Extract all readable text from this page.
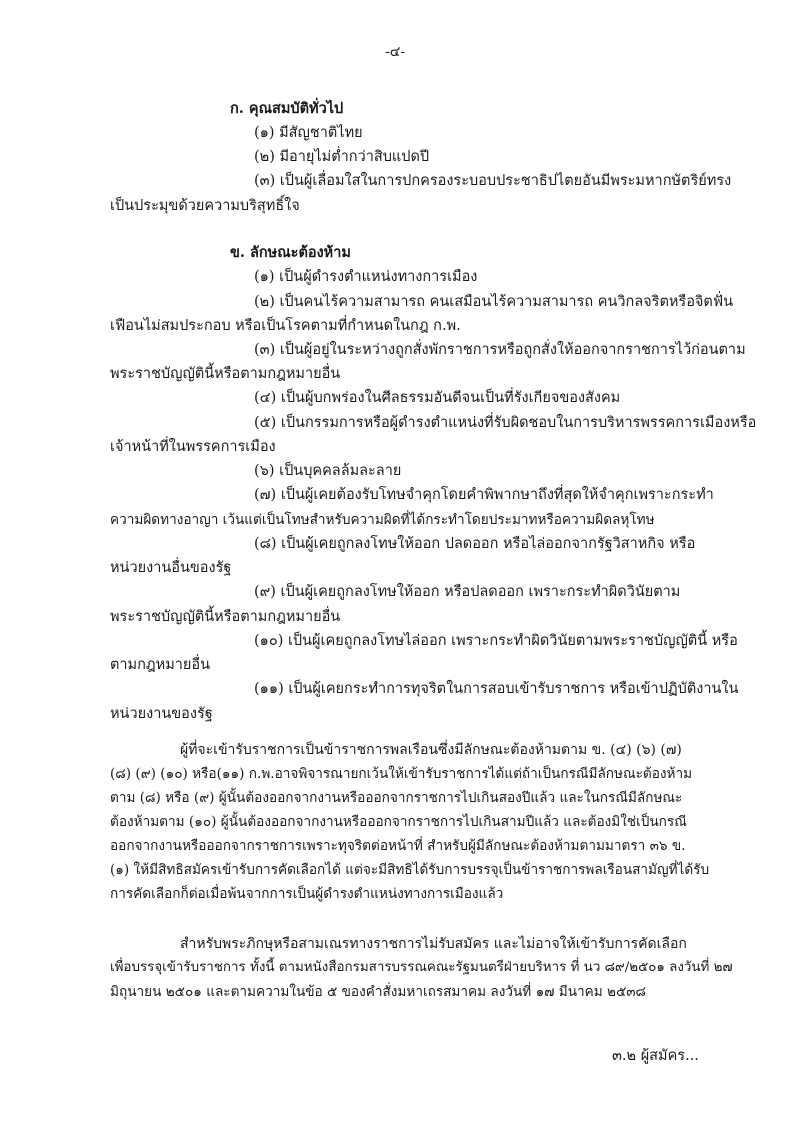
-๔-
ก. คุณสมบัติทั่วไป
(๑) มีสัญชาติไทย
(๒) มีอายุไม่ต่ำกว่าสิบแปดปี
(๓) เป็นผู้เลื่อมใสในการปกครองระบอบประชาธิปไตยอันมีพระมหากษัตริย์ทรง
เป็นประมุขด้วยความบริสุทธิ์ใจ
ข. ลักษณะต้องห้าม
(๑) เป็นผู้ดำรงตำแหน่งทางการเมือง
(๒) เป็นคนไร้ความสามารถ คนเสมือนไร้ความสามารถ คนวิกลจริตหรือจิตฟั่น
เฟือนไม่สมประกอบ หรือเป็นโรคตามที่กำหนดในกฎ ก.พ.
(๓) เป็นผู้อยู่ในระหว่างถูกสั่งพักราชการหรือถูกสั่งให้ออกจากราชการไว้ก่อนตาม
พระราชบัญญัตินี้หรือตามกฎหมายอื่น
(๔) เป็นผู้บกพร่องในศีลธรรมอันดีจนเป็นที่รังเกียจของสังคม
(๕) เป็นกรรมการหรือผู้ดำรงตำแหน่งที่รับผิดชอบในการบริหารพรรคการเมืองหรือ
เจ้าหน้าที่ในพรรคการเมือง
(๖) เป็นบุคคลล้มละลาย
(๗) เป็นผู้เคยต้องรับโทษจำคุกโดยคำพิพากษาถึงที่สุดให้จำคุกเพราะกระทำ
ความผิดทางอาญา เว้นแต่เป็นโทษสำหรับความผิดที่ได้กระทำโดยประมาทหรือความผิดลหุโทษ
(๘) เป็นผู้เคยถูกลงโทษให้ออก ปลดออก หรือไล่ออกจากรัฐวิสาหกิจ หรือ
หน่วยงานอื่นของรัฐ
(๙) เป็นผู้เคยถูกลงโทษให้ออก หรือปลดออก เพราะกระทำผิดวินัยตาม
พระราชบัญญัตินี้หรือตามกฎหมายอื่น
(๑๐) เป็นผู้เคยถูกลงโทษไล่ออก เพราะกระทำผิดวินัยตามพระราชบัญญัตินี้ หรือ
ตามกฎหมายอื่น
(๑๑) เป็นผู้เคยกระทำการทุจริตในการสอบเข้ารับราชการ หรือเข้าปฏิบัติงานใน
หน่วยงานของรัฐ
ผู้ที่จะเข้ารับราชการเป็นข้าราชการพลเรือนซึ่งมีลักษณะต้องห้ามตาม ข. (๔) (๖) (๗)
(๘) (๙) (๑๐) หรือ(๑๑) ก.พ.อาจพิจารณายกเว้นให้เข้ารับราชการได้แต่ถ้าเป็นกรณีมีลักษณะต้องห้าม
ตาม (๘) หรือ (๙) ผู้นั้นต้องออกจากงานหรือออกจากราชการไปเกินสองปีแล้ว และในกรณีมีลักษณะ
ต้องห้ามตาม (๑๐) ผู้นั้นต้องออกจากงานหรือออกจากราชการไปเกินสามปีแล้ว และต้องมิใช่เป็นกรณี
ออกจากงานหรือออกจากราชการเพราะทุจริตต่อหน้าที่ สำหรับผู้มีลักษณะต้องห้ามตามมาตรา ๓๖ ข.
(๑) ให้มีสิทธิสมัครเข้ารับการคัดเลือกได้ แต่จะมีสิทธิได้รับการบรรจุเป็นข้าราชการพลเรือนสามัญที่ได้รับ
การคัดเลือกก็ต่อเมื่อพ้นจากการเป็นผู้ดำรงตำแหน่งทางการเมืองแล้ว
สำหรับพระภิกษุหรือสามเณรทางราชการไม่รับสมัคร และไม่อาจให้เข้ารับการคัดเลือก
เพื่อบรรจุเข้ารับราชการ ทั้งนี้ ตามหนังสือกรมสารบรรณคณะรัฐมนตรีฝ่ายบริหาร ที่ นว ๘๙/๒๕๐๑ ลงวันที่ ๒๗
มิถุนายน ๒๕๐๑ และตามความในข้อ ๕ ของคำสั่งมหาเถรสมาคม ลงวันที่ ๑๗ มีนาคม ๒๕๓๘
๓.๒ ผู้สมัคร...
